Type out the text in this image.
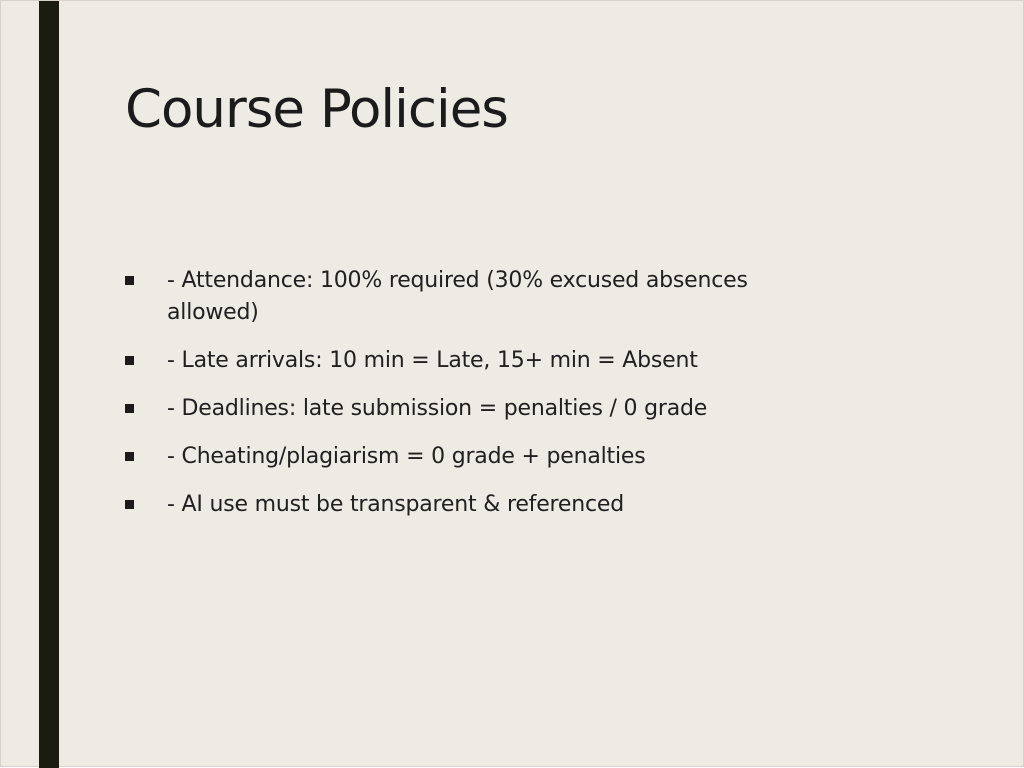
Course Policies
- Attendance: 100% required (30% excused absences allowed)
- Late arrivals: 10 min = Late, 15+ min = Absent
- Deadlines: late submission = penalties / 0 grade
- Cheating/plagiarism = 0 grade + penalties
- AI use must be transparent & referenced
